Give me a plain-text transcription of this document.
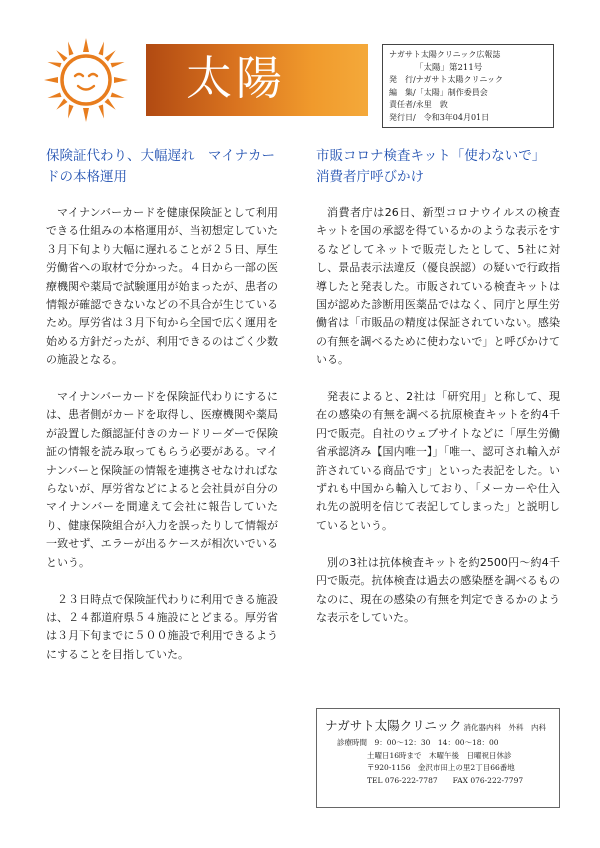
太陽	ナガサト太陽クリニック広報誌
「太陽」第211号
発　行/ナガサト太陽クリニック
編　集/「太陽」制作委員会
責任者/永里　敦
発行日/　令和3年04月01日
保険証代わり、大幅遅れ　マイナカードの本格運用
市販コロナ検査キット「使わないで」　消費者庁呼びかけ

マイナンバーカードを健康保険証として利用できる仕組みの本格運用が、当初想定していた３月下旬より大幅に遅れることが２５日、厚生労働省への取材で分かった。４日から一部の医療機関や薬局で試験運用が始まったが、患者の情報が確認できないなどの不具合が生じているため。厚労省は３月下旬から全国で広く運用を始める方針だったが、利用できるのはごく少数の施設となる。

マイナンバーカードを保険証代わりにするには、患者側がカードを取得し、医療機関や薬局が設置した顔認証付きのカードリーダーで保険証の情報を読み取ってもらう必要がある。マイナンバーと保険証の情報を連携させなければならないが、厚労省などによると会社員が自分のマイナンバーを間違えて会社に報告していたり、健康保険組合が入力を誤ったりして情報が一致せず、エラーが出るケースが相次いでいるという。

２３日時点で保険証代わりに利用できる施設は、２４都道府県５４施設にとどまる。厚労省は３月下旬までに５００施設で利用できるようにすることを目指していた。

消費者庁は26日、新型コロナウイルスの検査キットを国の承認を得ているかのような表示をするなどしてネットで販売したとして、5社に対し、景品表示法違反（優良誤認）の疑いで行政指導したと発表した。市販されている検査キットは国が認めた診断用医薬品ではなく、同庁と厚生労働省は「市販品の精度は保証されていない。感染の有無を調べるために使わないで」と呼びかけている。

発表によると、2社は「研究用」と称して、現在の感染の有無を調べる抗原検査キットを約4千円で販売。自社のウェブサイトなどに「厚生労働省承認済み【国内唯一】」「唯一、認可され輸入が許されている商品です」といった表記をした。いずれも中国から輸入しており、「メーカーや仕入れ先の説明を信じて表記してしまった」と説明しているという。

別の3社は抗体検査キットを約2500円～約4千円で販売。抗体検査は過去の感染歴を調べるものなのに、現在の感染の有無を判定できるかのような表示をしていた。

ナガサト太陽クリニック 消化器内科　外科　内科
診療時間　 9：00～12：30　14：00～18：00
土曜日16時まで　木曜午後　日曜祝日休診
〒920-1156　金沢市田上の里2丁目66番地
TEL 076-222-7787　　 FAX 076-222-7797
